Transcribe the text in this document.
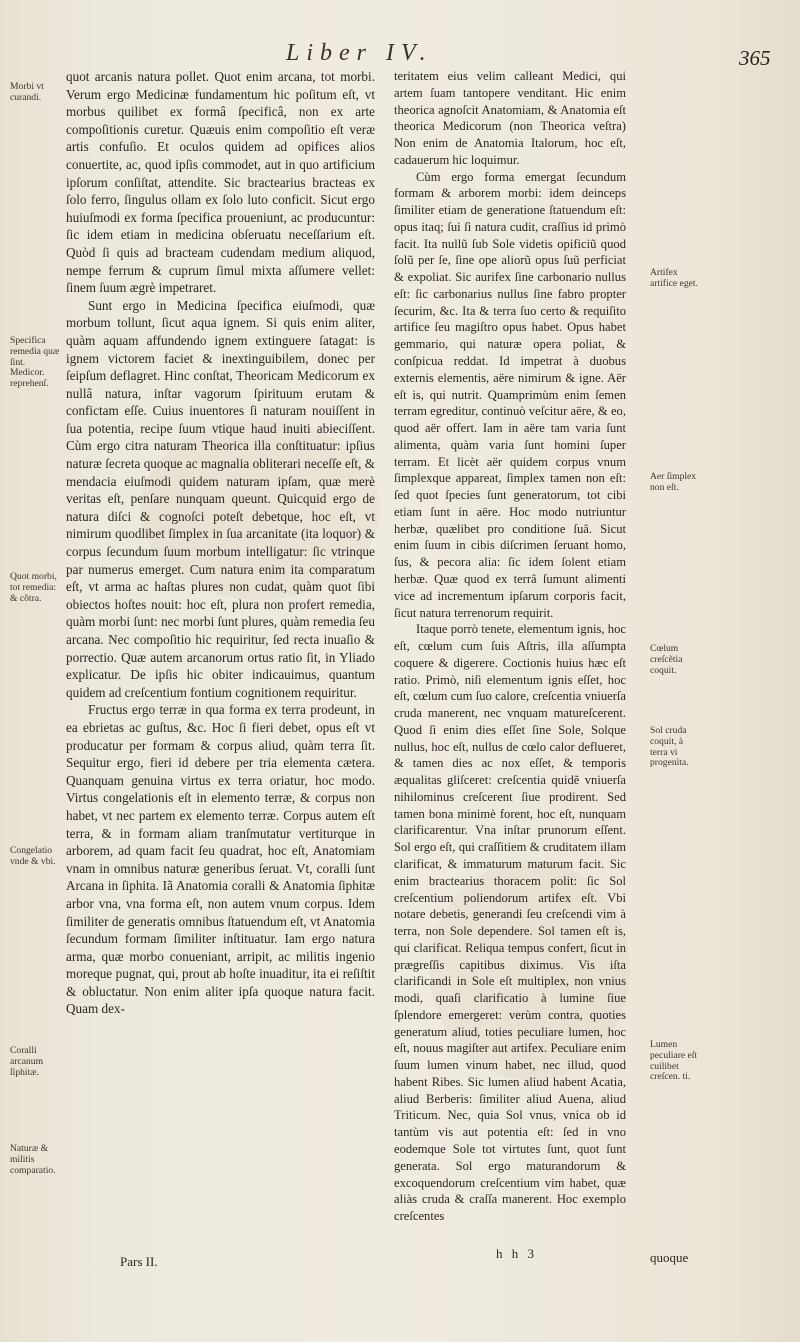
Liber IV.	365
Morbi vt curandi.
Specifica remedia quæ ſint. Medicor. reprehenſ.
Quot morbi, tot remedia: & cõtra.
Congelatio vnde & vbi.
Coralli arcanum ſiphitæ.
Naturæ & militis comparatio.
Artifex artifice eget.
Aer ſimplex non eſt.
Cœlum creſcẽtia coquit.
Sol cruda coquit, à terra vi progenita.
Lumen peculiare eſt cuilibet creſcen. ti.

quot arcanis natura pollet. Quot enim arcana, tot morbi. Verum ergo Medicinæ fundamentum hic poſitum eſt, vt morbus quilibet ex formâ ſpecificâ, non ex arte compoſitionis curetur. Quæuis enim compoſitio eſt veræ artis confuſio. Et oculos quidem ad opifices alios conuertite, ac, quod ipſis commodet, aut in quo artificium ipſorum conſiſtat, attendite. Sic bractearius bracteas ex ſolo ferro, ſingulus ollam ex ſolo luto conficit. Sicut ergo huiuſmodi ex forma ſpecifica proueniunt, ac producuntur: ſic idem etiam in medicina obſeruatu neceſſarium eſt. Quòd ſi quis ad bracteam cudendam medium aliquod, nempe ferrum & cuprum ſimul mixta aſſumere vellet: ſinem ſuum ægrè impetraret.

Sunt ergo in Medicina ſpecifica eiuſmodi, quæ morbum tollunt, ſicut aqua ignem. Si quis enim aliter, quàm aquam affundendo ignem extinguere ſatagat: is ignem victorem faciet & inextinguibilem, donec per ſeipſum deflagret. Hinc conſtat, Theoricam Medicorum ex nullâ natura, inſtar vagorum ſpirituum erutam & confictam eſſe. Cuius inuentores ſi naturam nouiſſent in ſua potentia, recipe ſuum vtique haud inuiti abieciſſent. Cùm ergo citra naturam Theorica illa conſtituatur: ipſius naturæ ſecreta quoque ac magnalia obliterari neceſſe eſt, & mendacia eiuſmodi quidem naturam ipſam, quæ merè veritas eſt, penſare nunquam queunt. Quicquid ergo de natura diſci & cognoſci poteſt debetque, hoc eſt, vt nimirum quodlibet ſimplex in ſua arcanitate (ita loquor) & corpus ſecundum ſuum morbum intelligatur: ſic vtrinque par numerus emerget. Cum natura enim ita comparatum eſt, vt arma ac haſtas plures non cudat, quàm quot ſibi obiectos hoſtes nouit: hoc eſt, plura non profert remedia, quàm morbi ſunt: nec morbi ſunt plures, quàm remedia ſeu arcana. Nec compoſitio hic requiritur, ſed recta inuaſio & porrectio. Quæ autem arcanorum ortus ratio ſit, in Yliado explicatur. De ipſis hic obiter indicauimus, quantum quidem ad creſcentium fontium cognitionem requiritur.

Fructus ergo terræ in qua forma ex terra prodeunt, in ea ebrietas ac guſtus, &c. Hoc ſi fieri debet, opus eſt vt producatur per formam & corpus aliud, quàm terra ſit. Sequitur ergo, fieri id debere per tria elementa cætera. Quanquam genuina virtus ex terra oriatur, hoc modo. Virtus congelationis eſt in elemento terræ, & corpus non habet, vt nec partem ex elemento terræ. Corpus autem eſt terra, & in formam aliam tranſmutatur vertiturque in arborem, ad quam facit ſeu quadrat, hoc eſt, Anatomiam vnam in omnibus naturæ generibus ſeruat. Vt, coralli ſunt Arcana in ſiphita. Iã Anatomia coralli & Anatomia ſiphitæ arbor vna, vna forma eſt, non autem vnum corpus. Idem ſimiliter de generatis omnibus ſtatuendum eſt, vt Anatomia ſecundum formam ſimiliter inſtituatur. Iam ergo natura arma, quæ morbo conueniant, arripit, ac militis ingenio moreque pugnat, qui, prout ab hoſte inuaditur, ita ei reſiſtit & obluctatur. Non enim aliter ipſa quoque natura facit. Quam dex-

teritatem eius velim calleant Medici, qui artem ſuam tantopere venditant. Hic enim theorica agnoſcit Anatomiam, & Anatomia eſt theorica Medicorum (non Theorica veſtra) Non enim de Anatomia Italorum, hoc eſt, cadauerum hic loquimur.

Cùm ergo forma emergat ſecundum formam & arborem morbi: idem deinceps ſimiliter etiam de generatione ſtatuendum eſt: opus itaq; ſui ſi natura cudit, craſſius id primò facit. Ita nullũ ſub Sole videtis opificiũ quod ſolũ per ſe, ſine ope aliorũ opus ſuũ perficiat & expoliat. Sic aurifex ſine carbonario nullus eſt: ſic carbonarius nullus ſine fabro propter ſecurim, &c. Ita & terra ſuo certo & requiſito artifice ſeu magiſtro opus habet. Opus habet gemmario, qui naturæ opera poliat, & conſpicua reddat. Id impetrat à duobus externis elementis, aëre nimirum & igne. Aër eſt is, qui nutrit. Quamprimùm enim ſemen terram egreditur, continuò veſcitur aëre, & eo, quod aër offert. Iam in aëre tam varia ſunt alimenta, quàm varia ſunt homini ſuper terram. Et licèt aër quidem corpus vnum ſimplexque appareat, ſimplex tamen non eſt: ſed quot ſpecies ſunt generatorum, tot cibi etiam ſunt in aëre. Hoc modo nutriuntur herbæ, quælibet pro conditione ſuâ. Sicut enim ſuum in cibis diſcrimen ſeruant homo, ſus, & pecora alia: ſic idem ſolent etiam herbæ. Quæ quod ex terrâ ſumunt alimenti vice ad incrementum ipſarum corporis facit, ſicut natura terrenorum requirit.

Itaque porrò tenete, elementum ignis, hoc eſt, cœlum cum ſuis Aſtris, illa aſſumpta coquere & digerere. Coctionis huius hæc eſt ratio. Primò, niſi elementum ignis eſſet, hoc eſt, cœlum cum ſuo calore, creſcentia vniuerſa cruda manerent, nec vnquam matureſcerent. Quod ſi enim dies eſſet ſine Sole, Solque nullus, hoc eſt, nullus de cœlo calor deflueret, & tamen dies ac nox eſſet, & temporis æqualitas gliſceret: creſcentia quidẽ vniuerſa nihilominus creſcerent ſiue prodirent. Sed tamen bona minimè forent, hoc eſt, nunquam clarificarentur. Vna inſtar prunorum eſſent. Sol ergo eſt, qui craſſitiem & cruditatem illam clarificat, & immaturum maturum facit. Sic enim bractearius thoracem polit: ſic Sol creſcentium poliendorum artifex eſt. Vbi notare debetis, generandi ſeu creſcendi vim à terra, non Sole dependere. Sol tamen eſt is, qui clarificat. Reliqua tempus confert, ſicut in prægreſſis capitibus diximus. Vis iſta clarificandi in Sole eſt multiplex, non vnius modi, quaſi clarificatio à lumine ſiue ſplendore emergeret: verùm contra, quoties generatum aliud, toties peculiare lumen, hoc eſt, nouus magiſter aut artifex. Peculiare enim ſuum lumen vinum habet, nec illud, quod habent Ribes. Sic lumen aliud habent Acatia, aliud Berberis: ſimiliter aliud Auena, aliud Triticum. Nec, quia Sol vnus, vnica ob id tantùm vis aut potentia eſt: ſed in vno eodemque Sole tot virtutes ſunt, quot ſunt generata. Sol ergo maturandorum & excoquendorum creſcentium vim habet, quæ aliàs cruda & craſſa manerent. Hoc exemplo creſcentes

Pars II.
h h 3	quoque
